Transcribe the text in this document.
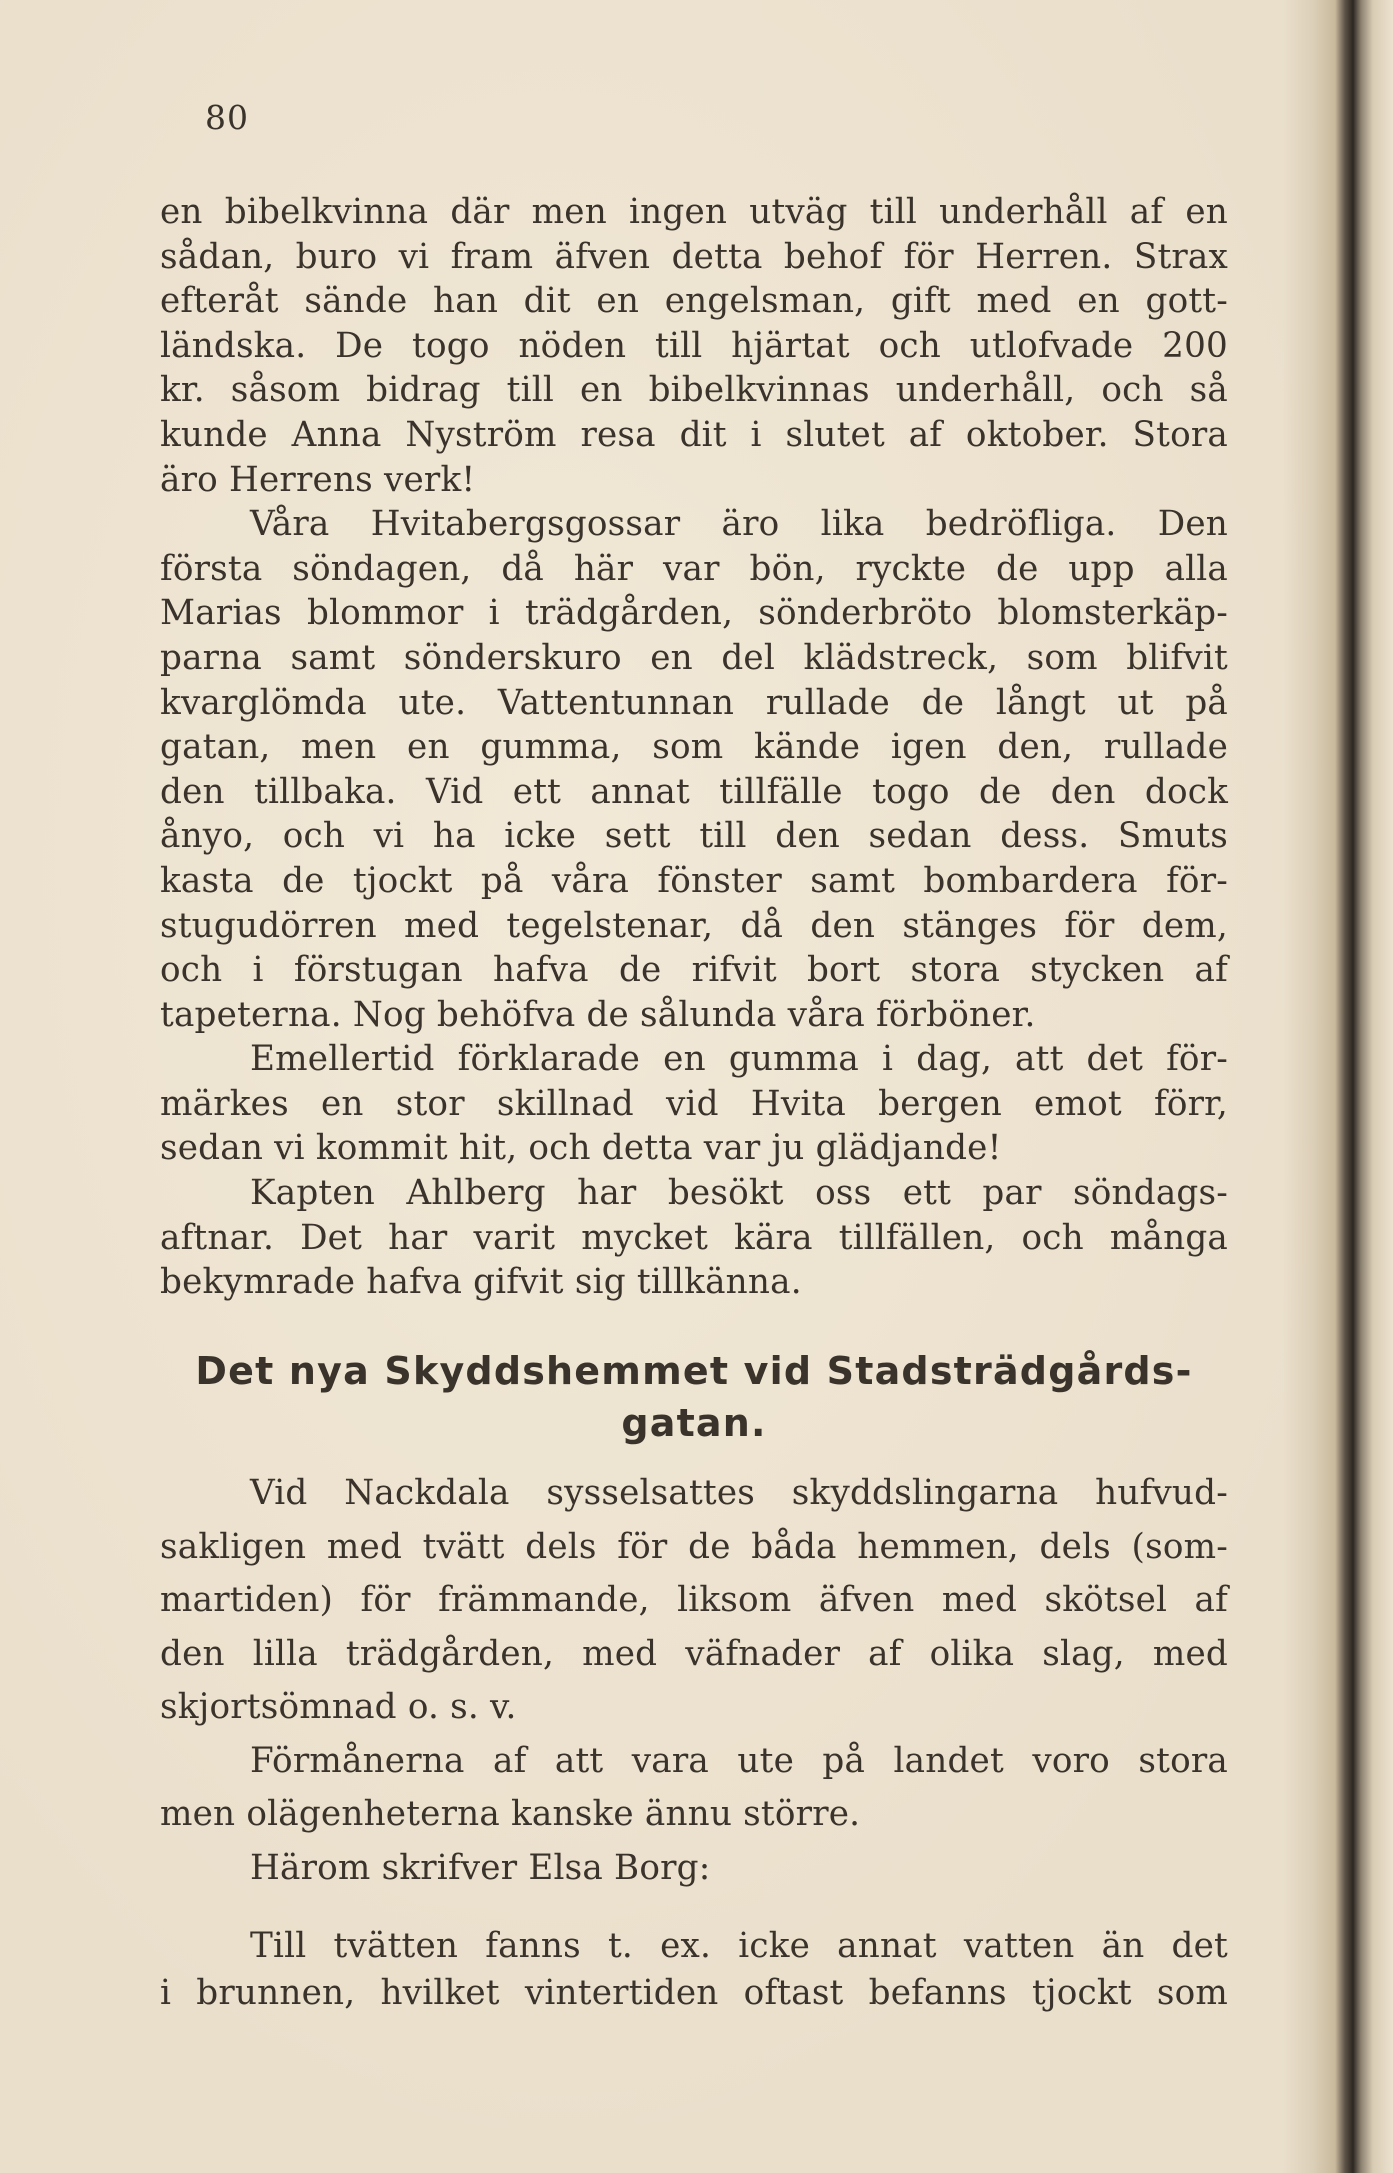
80
en bibelkvinna där men ingen utväg till underhåll af en
sådan, buro vi fram äfven detta behof för Herren. Strax
efteråt sände han dit en engelsman, gift med en gott-
ländska. De togo nöden till hjärtat och utlofvade 200
kr. såsom bidrag till en bibelkvinnas underhåll, och så
kunde Anna Nyström resa dit i slutet af oktober. Stora
äro Herrens verk!
Våra Hvitabergsgossar äro lika bedröfliga. Den
första söndagen, då här var bön, ryckte de upp alla
Marias blommor i trädgården, sönderbröto blomsterkäp-
parna samt sönderskuro en del klädstreck, som blifvit
kvarglömda ute. Vattentunnan rullade de långt ut på
gatan, men en gumma, som kände igen den, rullade
den tillbaka. Vid ett annat tillfälle togo de den dock
ånyo, och vi ha icke sett till den sedan dess. Smuts
kasta de tjockt på våra fönster samt bombardera för-
stugudörren med tegelstenar, då den stänges för dem,
och i förstugan hafva de rifvit bort stora stycken af
tapeterna. Nog behöfva de sålunda våra förböner.
Emellertid förklarade en gumma i dag, att det för-
märkes en stor skillnad vid Hvita bergen emot förr,
sedan vi kommit hit, och detta var ju glädjande!
Kapten Ahlberg har besökt oss ett par söndags-
aftnar. Det har varit mycket kära tillfällen, och många
bekymrade hafva gifvit sig tillkänna.
Det nya Skyddshemmet vid Stadsträdgårds-
gatan.
Vid Nackdala sysselsattes skyddslingarna hufvud-
sakligen med tvätt dels för de båda hemmen, dels (som-
martiden) för främmande, liksom äfven med skötsel af
den lilla trädgården, med väfnader af olika slag, med
skjortsömnad o. s. v.
Förmånerna af att vara ute på landet voro stora
men olägenheterna kanske ännu större.
Härom skrifver Elsa Borg:
Till tvätten fanns t. ex. icke annat vatten än det
i brunnen, hvilket vintertiden oftast befanns tjockt som
